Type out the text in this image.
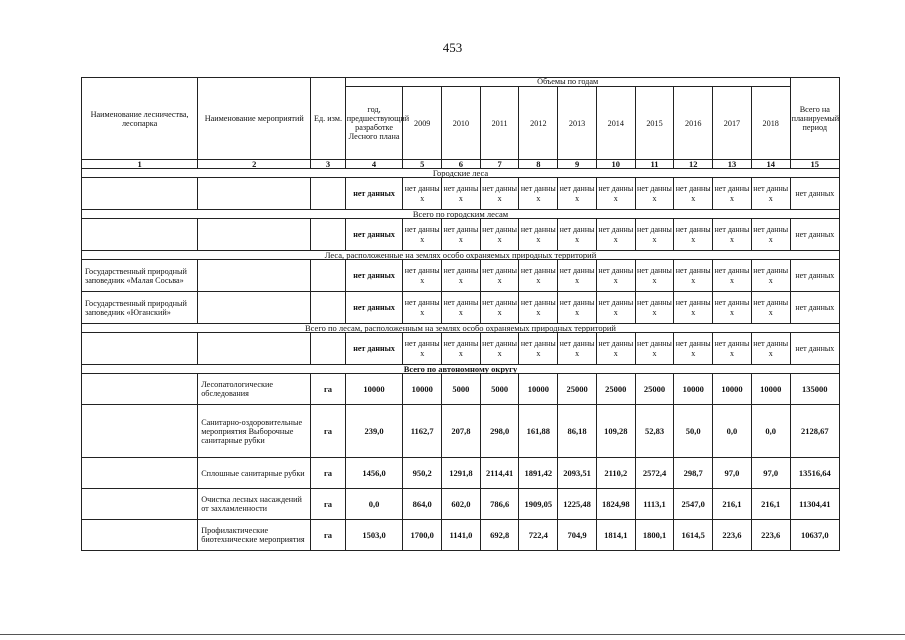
453
Наименование лесничества, лесопарка	Наименование мероприятий	Ед. изм.	Объемы по годам											Всего на планируемый период
			год, предшествующий разработке Лесного плана	2009	2010	2011	2012	2013	2014	2015	2016	2017	2018	
1	2	3	4	5	6	7	8	9	10	11	12	13	14	15
Городские леса														
			нет данных	нет данны х	нет данны х	нет данны х	нет данны х	нет данны х	нет данны х	нет данны х	нет данны х	нет данны х	нет данны х	нет данных
Всего по городским лесам														
			нет данных	нет данны х	нет данны х	нет данны х	нет данны х	нет данны х	нет данны х	нет данны х	нет данны х	нет данны х	нет данны х	нет данных
Леса, расположенные на землях особо охраняемых природных территорий														
Государственный природный заповедник «Малая Сосьва»			нет данных	нет данны х	нет данны х	нет данны х	нет данны х	нет данны х	нет данны х	нет данны х	нет данны х	нет данны х	нет данны х	нет данных
Государственный природный заповедник «Юганский»			нет данных	нет данны х	нет данны х	нет данны х	нет данны х	нет данны х	нет данны х	нет данны х	нет данны х	нет данны х	нет данны х	нет данных
Всего по лесам, расположенным на землях особо охраняемых природных территорий														
			нет данных	нет данны х	нет данны х	нет данны х	нет данны х	нет данны х	нет данны х	нет данны х	нет данны х	нет данны х	нет данны х	нет данных
Всего по автономному округу														
	Лесопатологические обследования	га	10000	10000	5000	5000	10000	25000	25000	25000	10000	10000	10000	135000
	Санитарно-оздоровительные мероприятия Выборочные санитарные рубки	га	239,0	1162,7	207,8	298,0	161,88	86,18	109,28	52,83	50,0	0,0	0,0	2128,67
	Сплошные санитарные рубки	га	1456,0	950,2	1291,8	2114,41	1891,42	2093,51	2110,2	2572,4	298,7	97,0	97,0	13516,64
	Очистка лесных насаждений от захламленности	га	0,0	864,0	602,0	786,6	1909,05	1225,48	1824,98	1113,1	2547,0	216,1	216,1	11304,41
	Профилактические биотехнические мероприятия	га	1503,0	1700,0	1141,0	692,8	722,4	704,9	1814,1	1800,1	1614,5	223,6	223,6	10637,0
